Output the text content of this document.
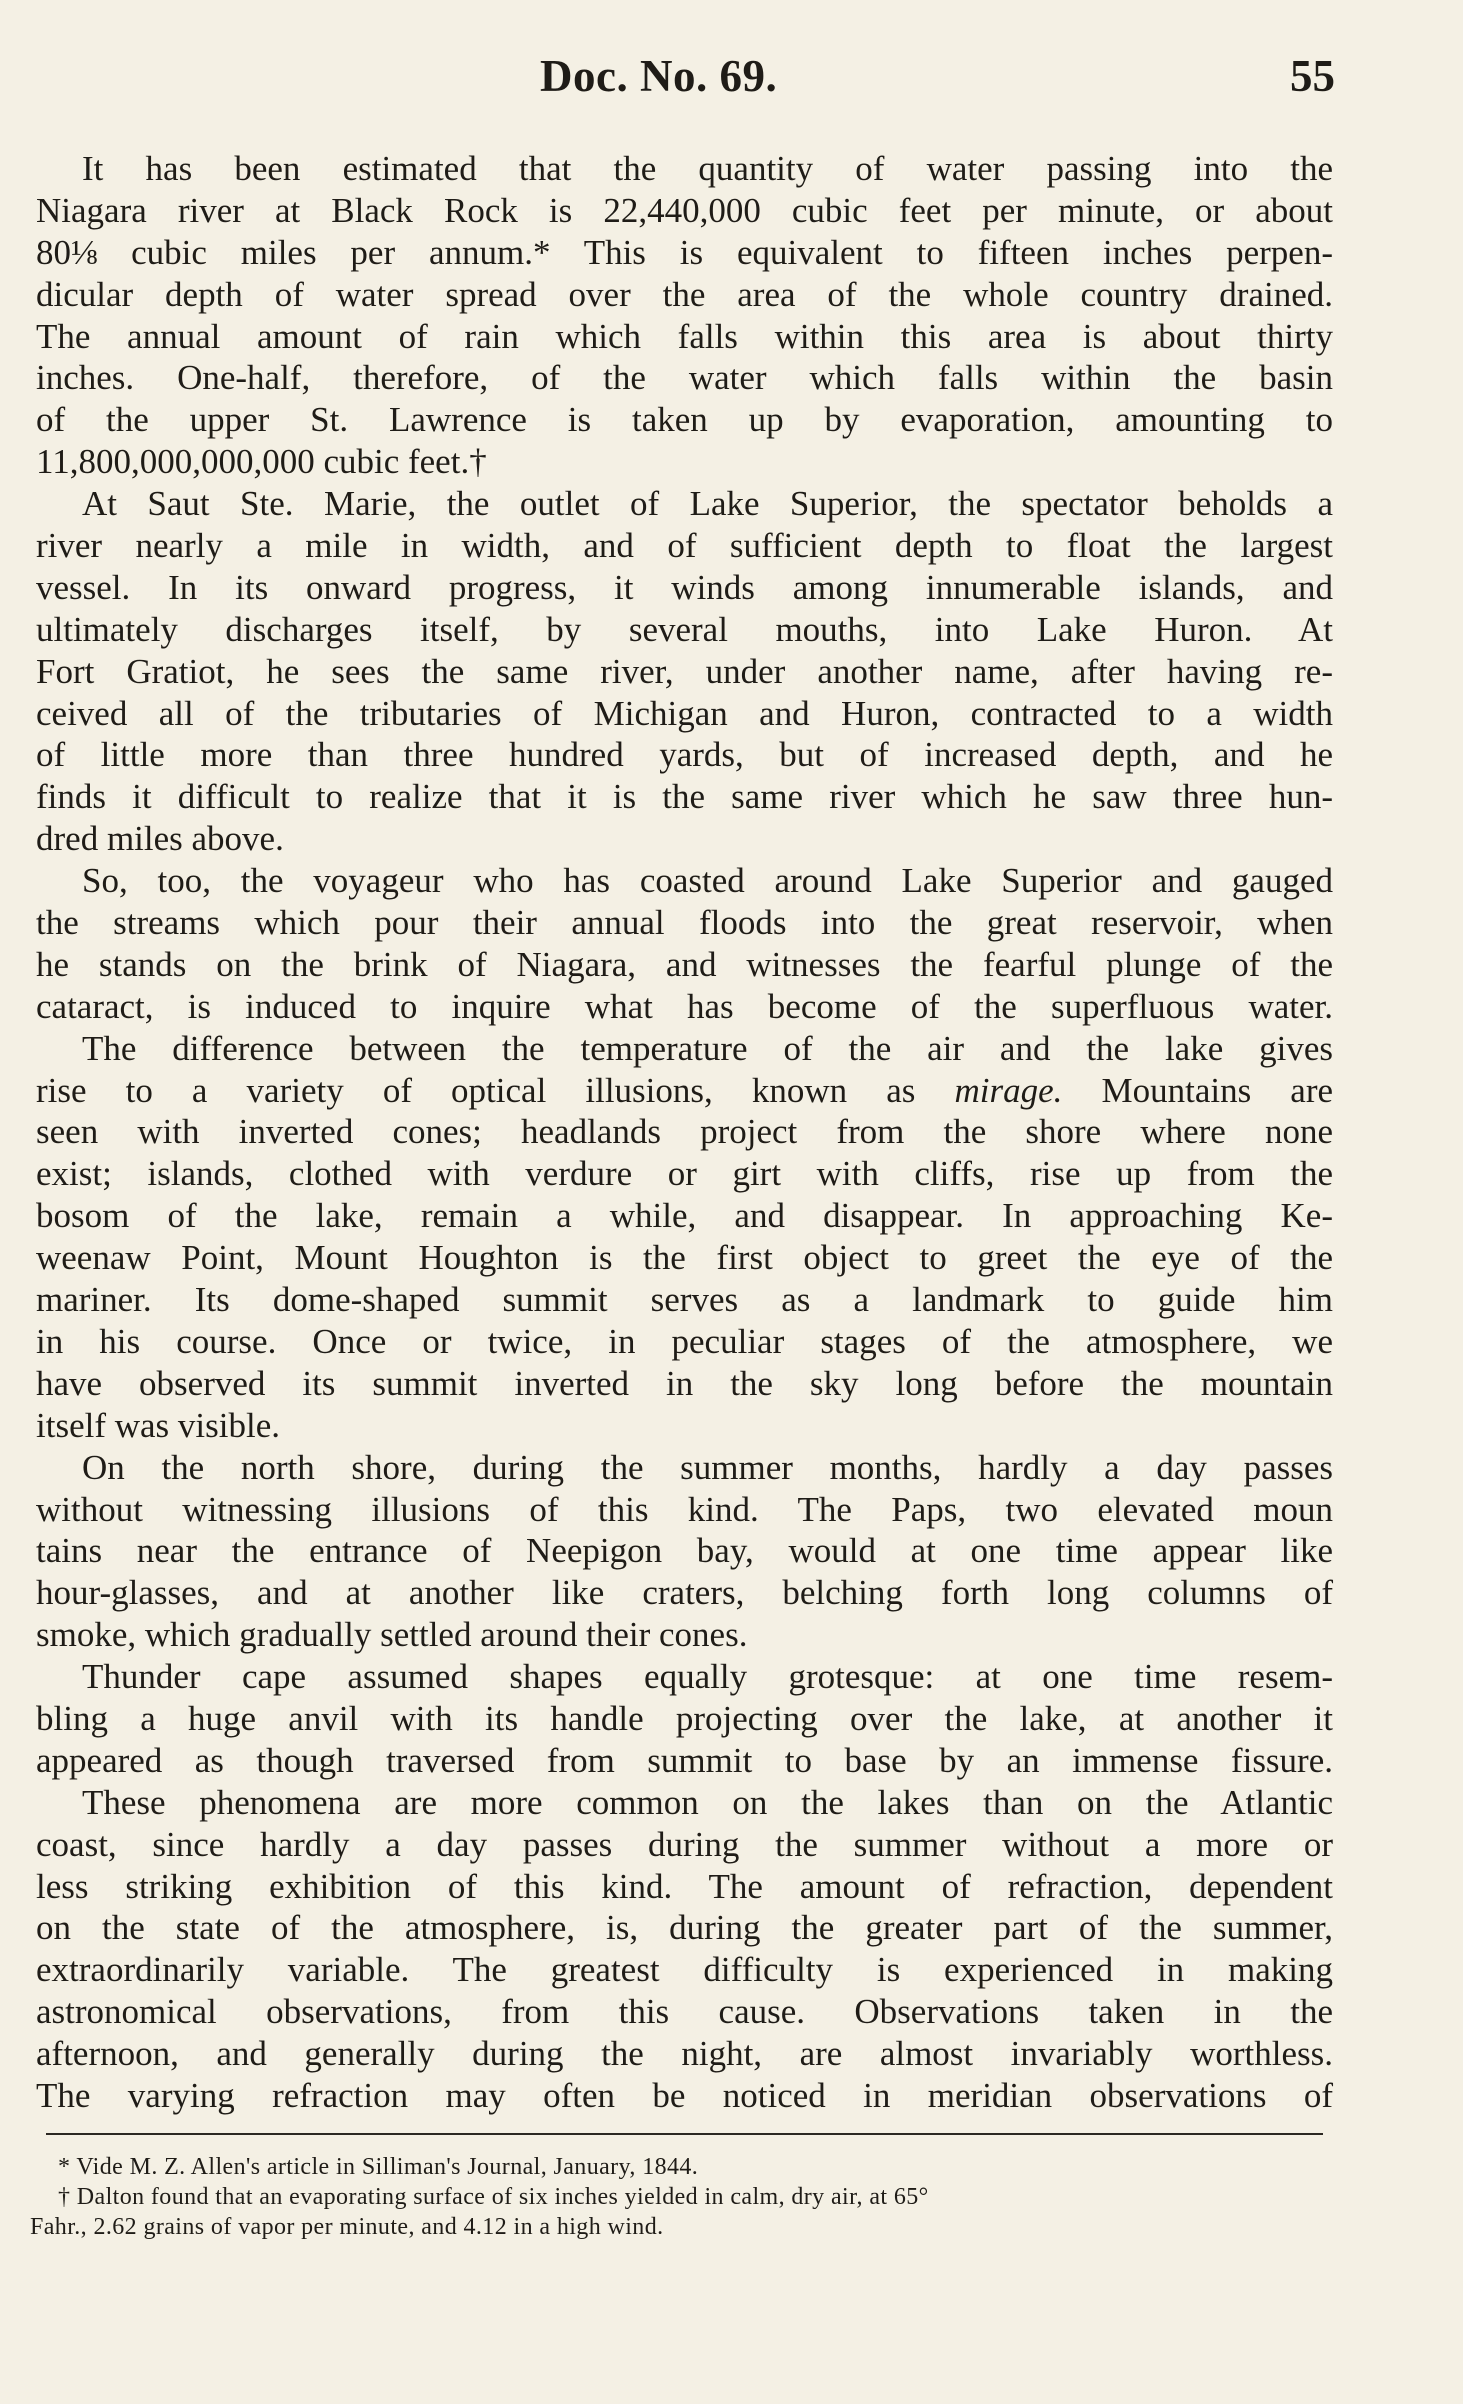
Doc. No. 69.	55

It has been estimated that the quantity of water passing into the
Niagara river at Black Rock is 22,440,000 cubic feet per minute, or about
80⅛ cubic miles per annum.* This is equivalent to fifteen inches perpen-
dicular depth of water spread over the area of the whole country drained.
The annual amount of rain which falls within this area is about thirty
inches. One-half, therefore, of the water which falls within the basin
of the upper St. Lawrence is taken up by evaporation, amounting to
11,800,000,000,000 cubic feet.†

At Saut Ste. Marie, the outlet of Lake Superior, the spectator beholds a
river nearly a mile in width, and of sufficient depth to float the largest
vessel. In its onward progress, it winds among innumerable islands, and
ultimately discharges itself, by several mouths, into Lake Huron. At
Fort Gratiot, he sees the same river, under another name, after having re-
ceived all of the tributaries of Michigan and Huron, contracted to a width
of little more than three hundred yards, but of increased depth, and he
finds it difficult to realize that it is the same river which he saw three hun-
dred miles above.

So, too, the voyageur who has coasted around Lake Superior and gauged
the streams which pour their annual floods into the great reservoir, when
he stands on the brink of Niagara, and witnesses the fearful plunge of the
cataract, is induced to inquire what has become of the superfluous water.

The difference between the temperature of the air and the lake gives
rise to a variety of optical illusions, known as mirage. Mountains are
seen with inverted cones; headlands project from the shore where none
exist; islands, clothed with verdure or girt with cliffs, rise up from the
bosom of the lake, remain a while, and disappear. In approaching Ke-
weenaw Point, Mount Houghton is the first object to greet the eye of the
mariner. Its dome-shaped summit serves as a landmark to guide him
in his course. Once or twice, in peculiar stages of the atmosphere, we
have observed its summit inverted in the sky long before the mountain
itself was visible.

On the north shore, during the summer months, hardly a day passes
without witnessing illusions of this kind. The Paps, two elevated moun
tains near the entrance of Neepigon bay, would at one time appear like
hour-glasses, and at another like craters, belching forth long columns of
smoke, which gradually settled around their cones.

Thunder cape assumed shapes equally grotesque: at one time resem-
bling a huge anvil with its handle projecting over the lake, at another it
appeared as though traversed from summit to base by an immense fissure.

These phenomena are more common on the lakes than on the Atlantic
coast, since hardly a day passes during the summer without a more or
less striking exhibition of this kind. The amount of refraction, dependent
on the state of the atmosphere, is, during the greater part of the summer,
extraordinarily variable. The greatest difficulty is experienced in making
astronomical observations, from this cause. Observations taken in the
afternoon, and generally during the night, are almost invariably worthless.
The varying refraction may often be noticed in meridian observations of

* Vide M. Z. Allen's article in Silliman's Journal, January, 1844.
† Dalton found that an evaporating surface of six inches yielded in calm, dry air, at 65°
Fahr., 2.62 grains of vapor per minute, and 4.12 in a high wind.
